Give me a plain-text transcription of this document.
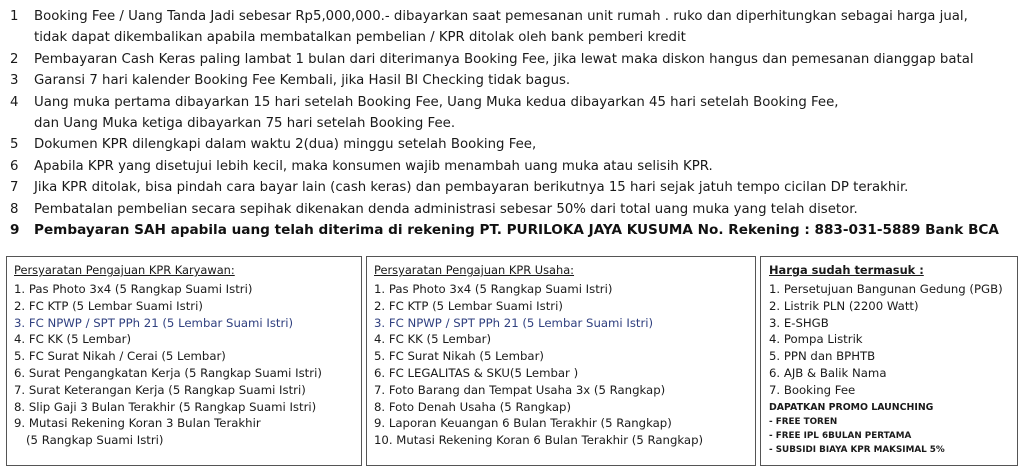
1	Booking Fee / Uang Tanda Jadi sebesar Rp5,000,000.- dibayarkan saat pemesanan unit rumah . ruko dan diperhitungkan sebagai harga jual,
tidak dapat dikembalikan apabila membatalkan pembelian / KPR ditolak oleh bank pemberi kredit
2	Pembayaran Cash Keras paling lambat 1 bulan dari diterimanya Booking Fee, jika lewat maka diskon hangus dan pemesanan dianggap batal
3	Garansi 7 hari kalender Booking Fee Kembali, jika Hasil BI Checking tidak bagus.
4	Uang muka pertama dibayarkan 15 hari setelah Booking Fee, Uang Muka kedua dibayarkan 45 hari setelah Booking Fee,
dan Uang Muka ketiga dibayarkan 75 hari setelah Booking Fee.
5	Dokumen KPR dilengkapi dalam waktu 2(dua) minggu setelah Booking Fee,
6	Apabila KPR yang disetujui lebih kecil, maka konsumen wajib menambah uang muka atau selisih KPR.
7	Jika KPR ditolak, bisa pindah cara bayar lain (cash keras) dan pembayaran berikutnya 15 hari sejak jatuh tempo cicilan DP terakhir.
8	Pembatalan pembelian secara sepihak dikenakan denda administrasi sebesar 50% dari total uang muka yang telah disetor.
9	Pembayaran SAH apabila uang telah diterima di rekening PT. PURILOKA JAYA KUSUMA No. Rekening : 883-031-5889 Bank BCA
Persyaratan Pengajuan KPR Karyawan:
1. Pas Photo 3x4 (5 Rangkap Suami Istri)
2. FC KTP (5 Lembar Suami Istri)
3. FC NPWP / SPT PPh 21 (5 Lembar Suami Istri)
4. FC KK (5 Lembar)
5. FC Surat Nikah / Cerai (5 Lembar)
6. Surat Pengangkatan Kerja (5 Rangkap Suami Istri)
7. Surat Keterangan Kerja (5 Rangkap Suami Istri)
8. Slip Gaji 3 Bulan Terakhir (5 Rangkap Suami Istri)
9. Mutasi Rekening Koran 3 Bulan Terakhir
(5 Rangkap Suami Istri)
Persyaratan Pengajuan KPR Usaha:
1. Pas Photo 3x4 (5 Rangkap Suami Istri)
2. FC KTP (5 Lembar Suami Istri)
3. FC NPWP / SPT PPh 21 (5 Lembar Suami Istri)
4. FC KK (5 Lembar)
5. FC Surat Nikah (5 Lembar)
6. FC LEGALITAS & SKU(5 Lembar )
7. Foto Barang dan Tempat Usaha 3x (5 Rangkap)
8. Foto Denah Usaha (5 Rangkap)
9. Laporan Keuangan 6 Bulan Terakhir (5 Rangkap)
10. Mutasi Rekening Koran 6 Bulan Terakhir (5 Rangkap)
Harga sudah termasuk :
1. Persetujuan Bangunan Gedung (PGB)
2. Listrik PLN (2200 Watt)
3. E-SHGB
4. Pompa Listrik
5. PPN dan BPHTB
6. AJB & Balik Nama
7. Booking Fee
DAPATKAN PROMO LAUNCHING
- FREE TOREN
- FREE IPL 6BULAN PERTAMA
- SUBSIDI BIAYA KPR MAKSIMAL 5%
